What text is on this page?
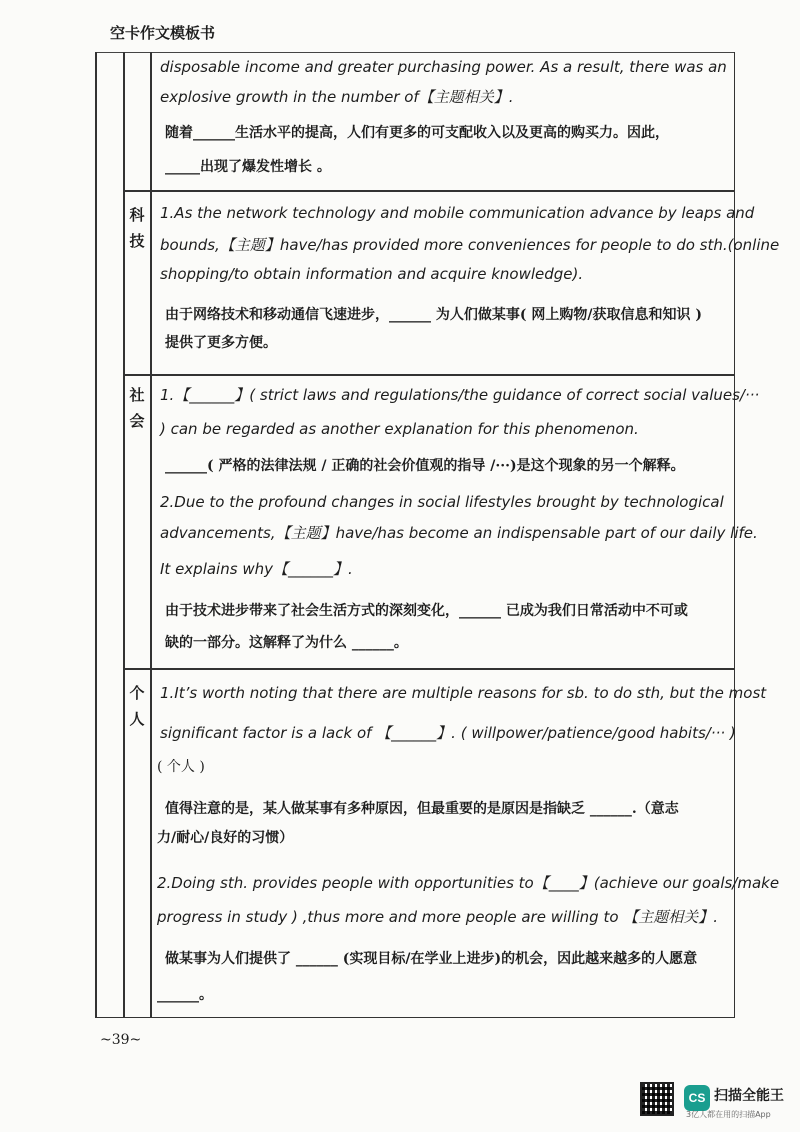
空卡作文模板书
disposable income and greater purchasing power. As a result, there was an
explosive growth in the number of【主题相关】.
随着______生活水平的提高，人们有更多的可支配收入以及更高的购买力。因此，
_____出现了爆发性增长 。
科技
1.As the network technology and mobile communication advance by leaps and
bounds,【主题】have/has provided more conveniences for people to do sth.(online
shopping/to obtain information and acquire knowledge).
由于网络技术和移动通信飞速进步，______ 为人们做某事( 网上购物/获取信息和知识 )
提供了更多方便。
社会
1.【______】( strict laws and regulations/the guidance of correct social values/···
) can be regarded as another explanation for this phenomenon.
______( 严格的法律法规 / 正确的社会价值观的指导 /···)是这个现象的另一个解释。
2.Due to the profound changes in social lifestyles brought by technological
advancements,【主题】have/has become an indispensable part of our daily life.
It explains why【______】.
由于技术进步带来了社会生活方式的深刻变化，______ 已成为我们日常活动中不可或
缺的一部分。这解释了为什么 ______。
个人
1.It’s worth noting that there are multiple reasons for sb. to do sth, but the most
significant factor is a lack of 【______】. ( willpower/patience/good habits/··· )
( 个人 )
值得注意的是，某人做某事有多种原因，但最重要的是原因是指缺乏 ______.（意志
力/耐心/良好的习惯）
2.Doing sth. provides people with opportunities to【____】(achieve our goals/make
progress in study ) ,thus more and more people are willing to 【主题相关】.
做某事为人们提供了 ______ (实现目标/在学业上进步)的机会，因此越来越多的人愿意
______。
~39~
CS 扫描全能王
3亿人都在用的扫描App
